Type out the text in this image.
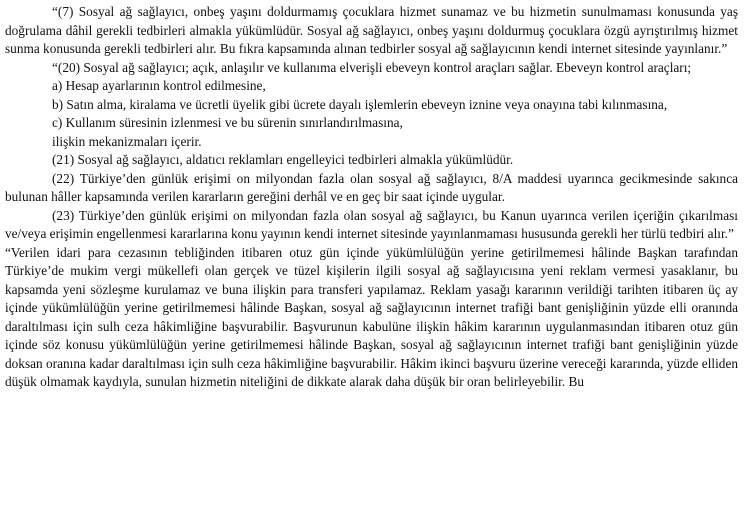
“(7) Sosyal ağ sağlayıcı, onbeş yaşını doldurmamış çocuklara hizmet sunamaz ve bu hizmetin sunulmaması konusunda yaş doğrulama dâhil gerekli tedbirleri almakla yükümlüdür. Sosyal ağ sağlayıcı, onbeş yaşını doldurmuş çocuklara özgü ayrıştırılmış hizmet sunma konusunda gerekli tedbirleri alır. Bu fıkra kapsamında alınan tedbirler sosyal ağ sağlayıcının kendi internet sitesinde yayınlanır.”

“(20) Sosyal ağ sağlayıcı; açık, anlaşılır ve kullanıma elverişli ebeveyn kontrol araçları sağlar. Ebeveyn kontrol araçları;

a) Hesap ayarlarının kontrol edilmesine,

b) Satın alma, kiralama ve ücretli üyelik gibi ücrete dayalı işlemlerin ebeveyn iznine veya onayına tabi kılınmasına,

c) Kullanım süresinin izlenmesi ve bu sürenin sınırlandırılmasına,

ilişkin mekanizmaları içerir.

(21) Sosyal ağ sağlayıcı, aldatıcı reklamları engelleyici tedbirleri almakla yükümlüdür.

(22) Türkiye’den günlük erişimi on milyondan fazla olan sosyal ağ sağlayıcı, 8/A maddesi uyarınca gecikmesinde sakınca bulunan hâller kapsamında verilen kararların gereğini derhâl ve en geç bir saat içinde uygular.

(23) Türkiye’den günlük erişimi on milyondan fazla olan sosyal ağ sağlayıcı, bu Kanun uyarınca verilen içeriğin çıkarılması ve/veya erişimin engellenmesi kararlarına konu yayının kendi internet sitesinde yayınlanmaması hususunda gerekli her türlü tedbiri alır.”

“Verilen idari para cezasının tebliğinden itibaren otuz gün içinde yükümlülüğün yerine getirilmemesi hâlinde Başkan tarafından Türkiye’de mukim vergi mükellefi olan gerçek ve tüzel kişilerin ilgili sosyal ağ sağlayıcısına yeni reklam vermesi yasaklanır, bu kapsamda yeni sözleşme kurulamaz ve buna ilişkin para transferi yapılamaz. Reklam yasağı kararının verildiği tarihten itibaren üç ay içinde yükümlülüğün yerine getirilmemesi hâlinde Başkan, sosyal ağ sağlayıcının internet trafiği bant genişliğinin yüzde elli oranında daraltılması için sulh ceza hâkimliğine başvurabilir. Başvurunun kabulüne ilişkin hâkim kararının uygulanmasından itibaren otuz gün içinde söz konusu yükümlülüğün yerine getirilmemesi hâlinde Başkan, sosyal ağ sağlayıcının internet trafiği bant genişliğinin yüzde doksan oranına kadar daraltılması için sulh ceza hâkimliğine başvurabilir. Hâkim ikinci başvuru üzerine vereceği kararında, yüzde elliden düşük olmamak kaydıyla, sunulan hizmetin niteliğini de dikkate alarak daha düşük bir oran belirleyebilir. Bu
